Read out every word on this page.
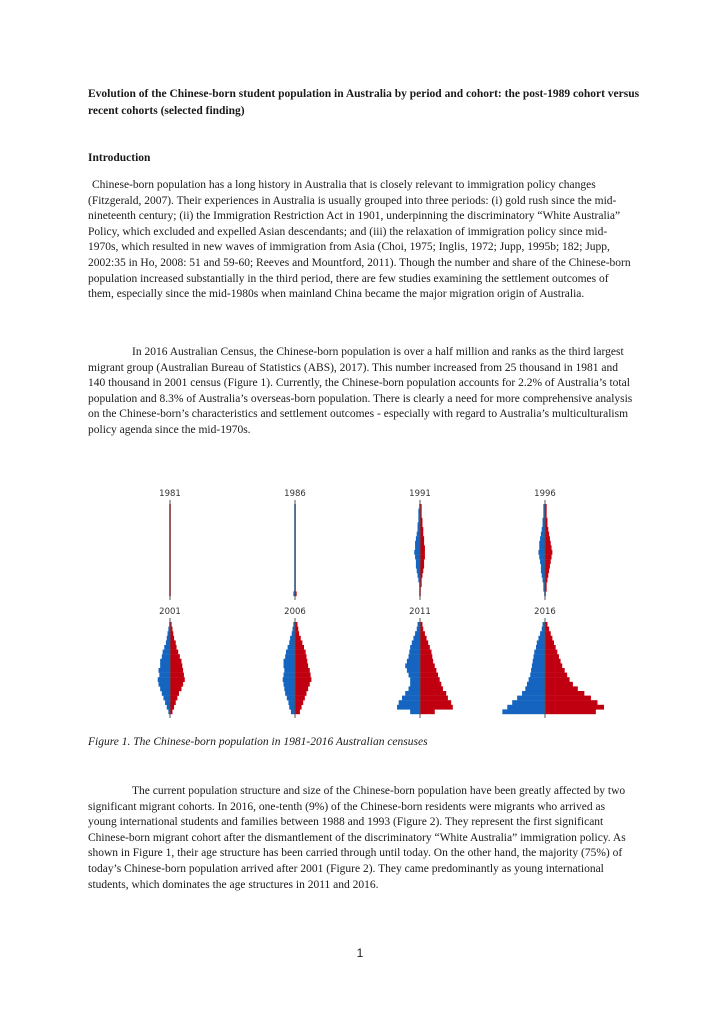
Evolution of the Chinese-born student population in Australia by period and cohort: the post-1989 cohort versus recent cohorts (selected finding)
Introduction

Chinese-born population has a long history in Australia that is closely relevant to immigration policy changes (Fitzgerald, 2007). Their experiences in Australia is usually grouped into three periods: (i) gold rush since the mid-nineteenth century; (ii) the Immigration Restriction Act in 1901, underpinning the discriminatory “White Australia” Policy, which excluded and expelled Asian descendants; and (iii) the relaxation of immigration policy since mid-1970s, which resulted in new waves of immigration from Asia (Choi, 1975; Inglis, 1972; Jupp, 1995b; 182; Jupp, 2002:35 in Ho, 2008: 51 and 59-60; Reeves and Mountford, 2011). Though the number and share of the Chinese-born population increased substantially in the third period, there are few studies examining the settlement outcomes of them, especially since the mid-1980s when mainland China became the major migration origin of Australia.

In 2016 Australian Census, the Chinese-born population is over a half million and ranks as the third largest migrant group (Australian Bureau of Statistics (ABS), 2017). This number increased from 25 thousand in 1981 and 140 thousand in 2001 census (Figure 1). Currently, the Chinese-born population accounts for 2.2% of Australia’s total population and 8.3% of Australia’s overseas-born population. There is clearly a need for more comprehensive analysis on the Chinese-born’s characteristics and settlement outcomes - especially with regard to Australia’s multiculturalism policy agenda since the mid-1970s.

1981	1986	1991	1996
2001	2006	2011	2016
Figure 1. The Chinese-born population in 1981-2016 Australian censuses

The current population structure and size of the Chinese-born population have been greatly affected by two significant migrant cohorts. In 2016, one-tenth (9%) of the Chinese-born residents were migrants who arrived as young international students and families between 1988 and 1993 (Figure 2). They represent the first significant Chinese-born migrant cohort after the dismantlement of the discriminatory “White Australia” immigration policy. As shown in Figure 1, their age structure has been carried through until today. On the other hand, the majority (75%) of today’s Chinese-born population arrived after 2001 (Figure 2). They came predominantly as young international students, which dominates the age structures in 2011 and 2016.

1
